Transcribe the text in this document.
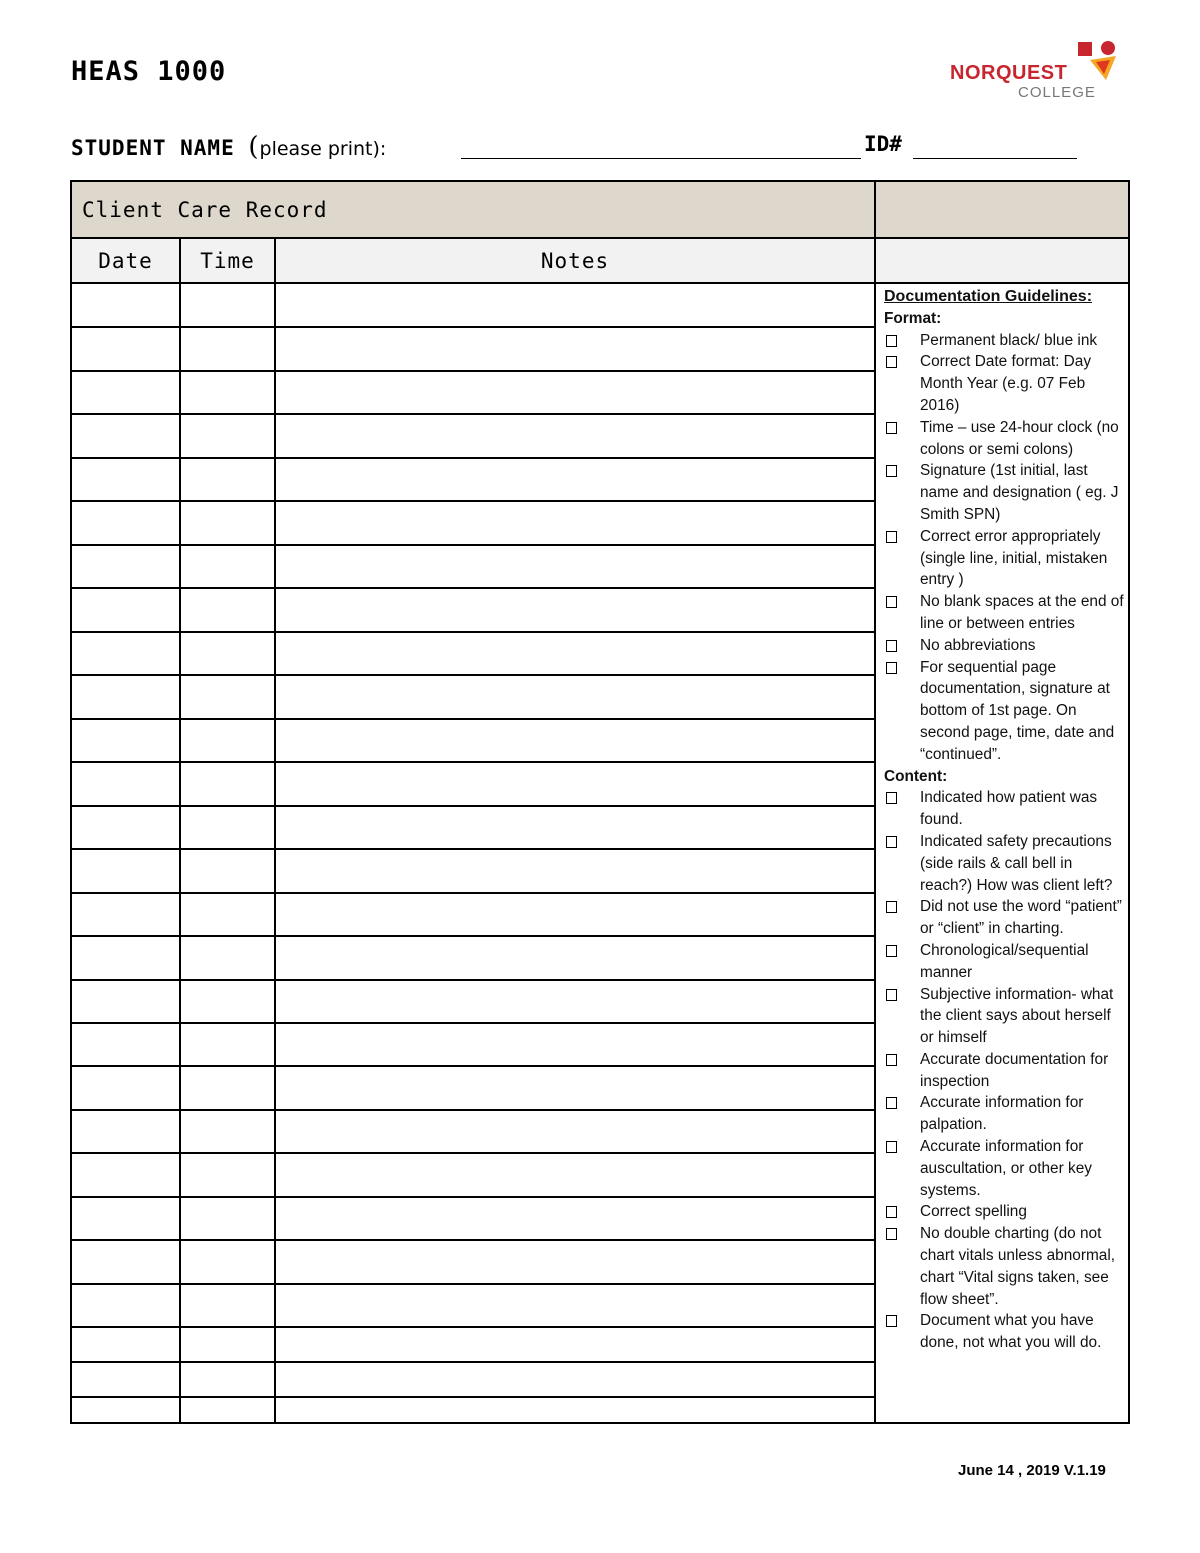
HEAS 1000	NORQUEST
COLLEGE
STUDENT NAME (please print):	ID#
Client Care Record
Date	Time	Notes
Documentation Guidelines:
Format:
Permanent black/ blue ink
Correct Date format: Day Month Year (e.g. 07 Feb 2016)
Time – use 24-hour clock (no colons or semi colons)
Signature (1st initial, last name and designation ( eg. J Smith SPN)
Correct error appropriately (single line, initial, mistaken entry )
No blank spaces at the end of line or between entries
No abbreviations
For sequential page documentation, signature at bottom of 1st page. On second page, time, date and “continued”.
Content:
Indicated how patient was found.
Indicated safety precautions (side rails & call bell in reach?) How was client left?
Did not use the word “patient” or “client” in charting.
Chronological/sequential manner
Subjective information- what the client says about herself or himself
Accurate documentation for inspection
Accurate information for palpation.
Accurate information for auscultation, or other key systems.
Correct spelling
No double charting (do not chart vitals unless abnormal, chart “Vital signs taken, see flow sheet”.
Document what you have done, not what you will do.
June 14 , 2019 V.1.19
